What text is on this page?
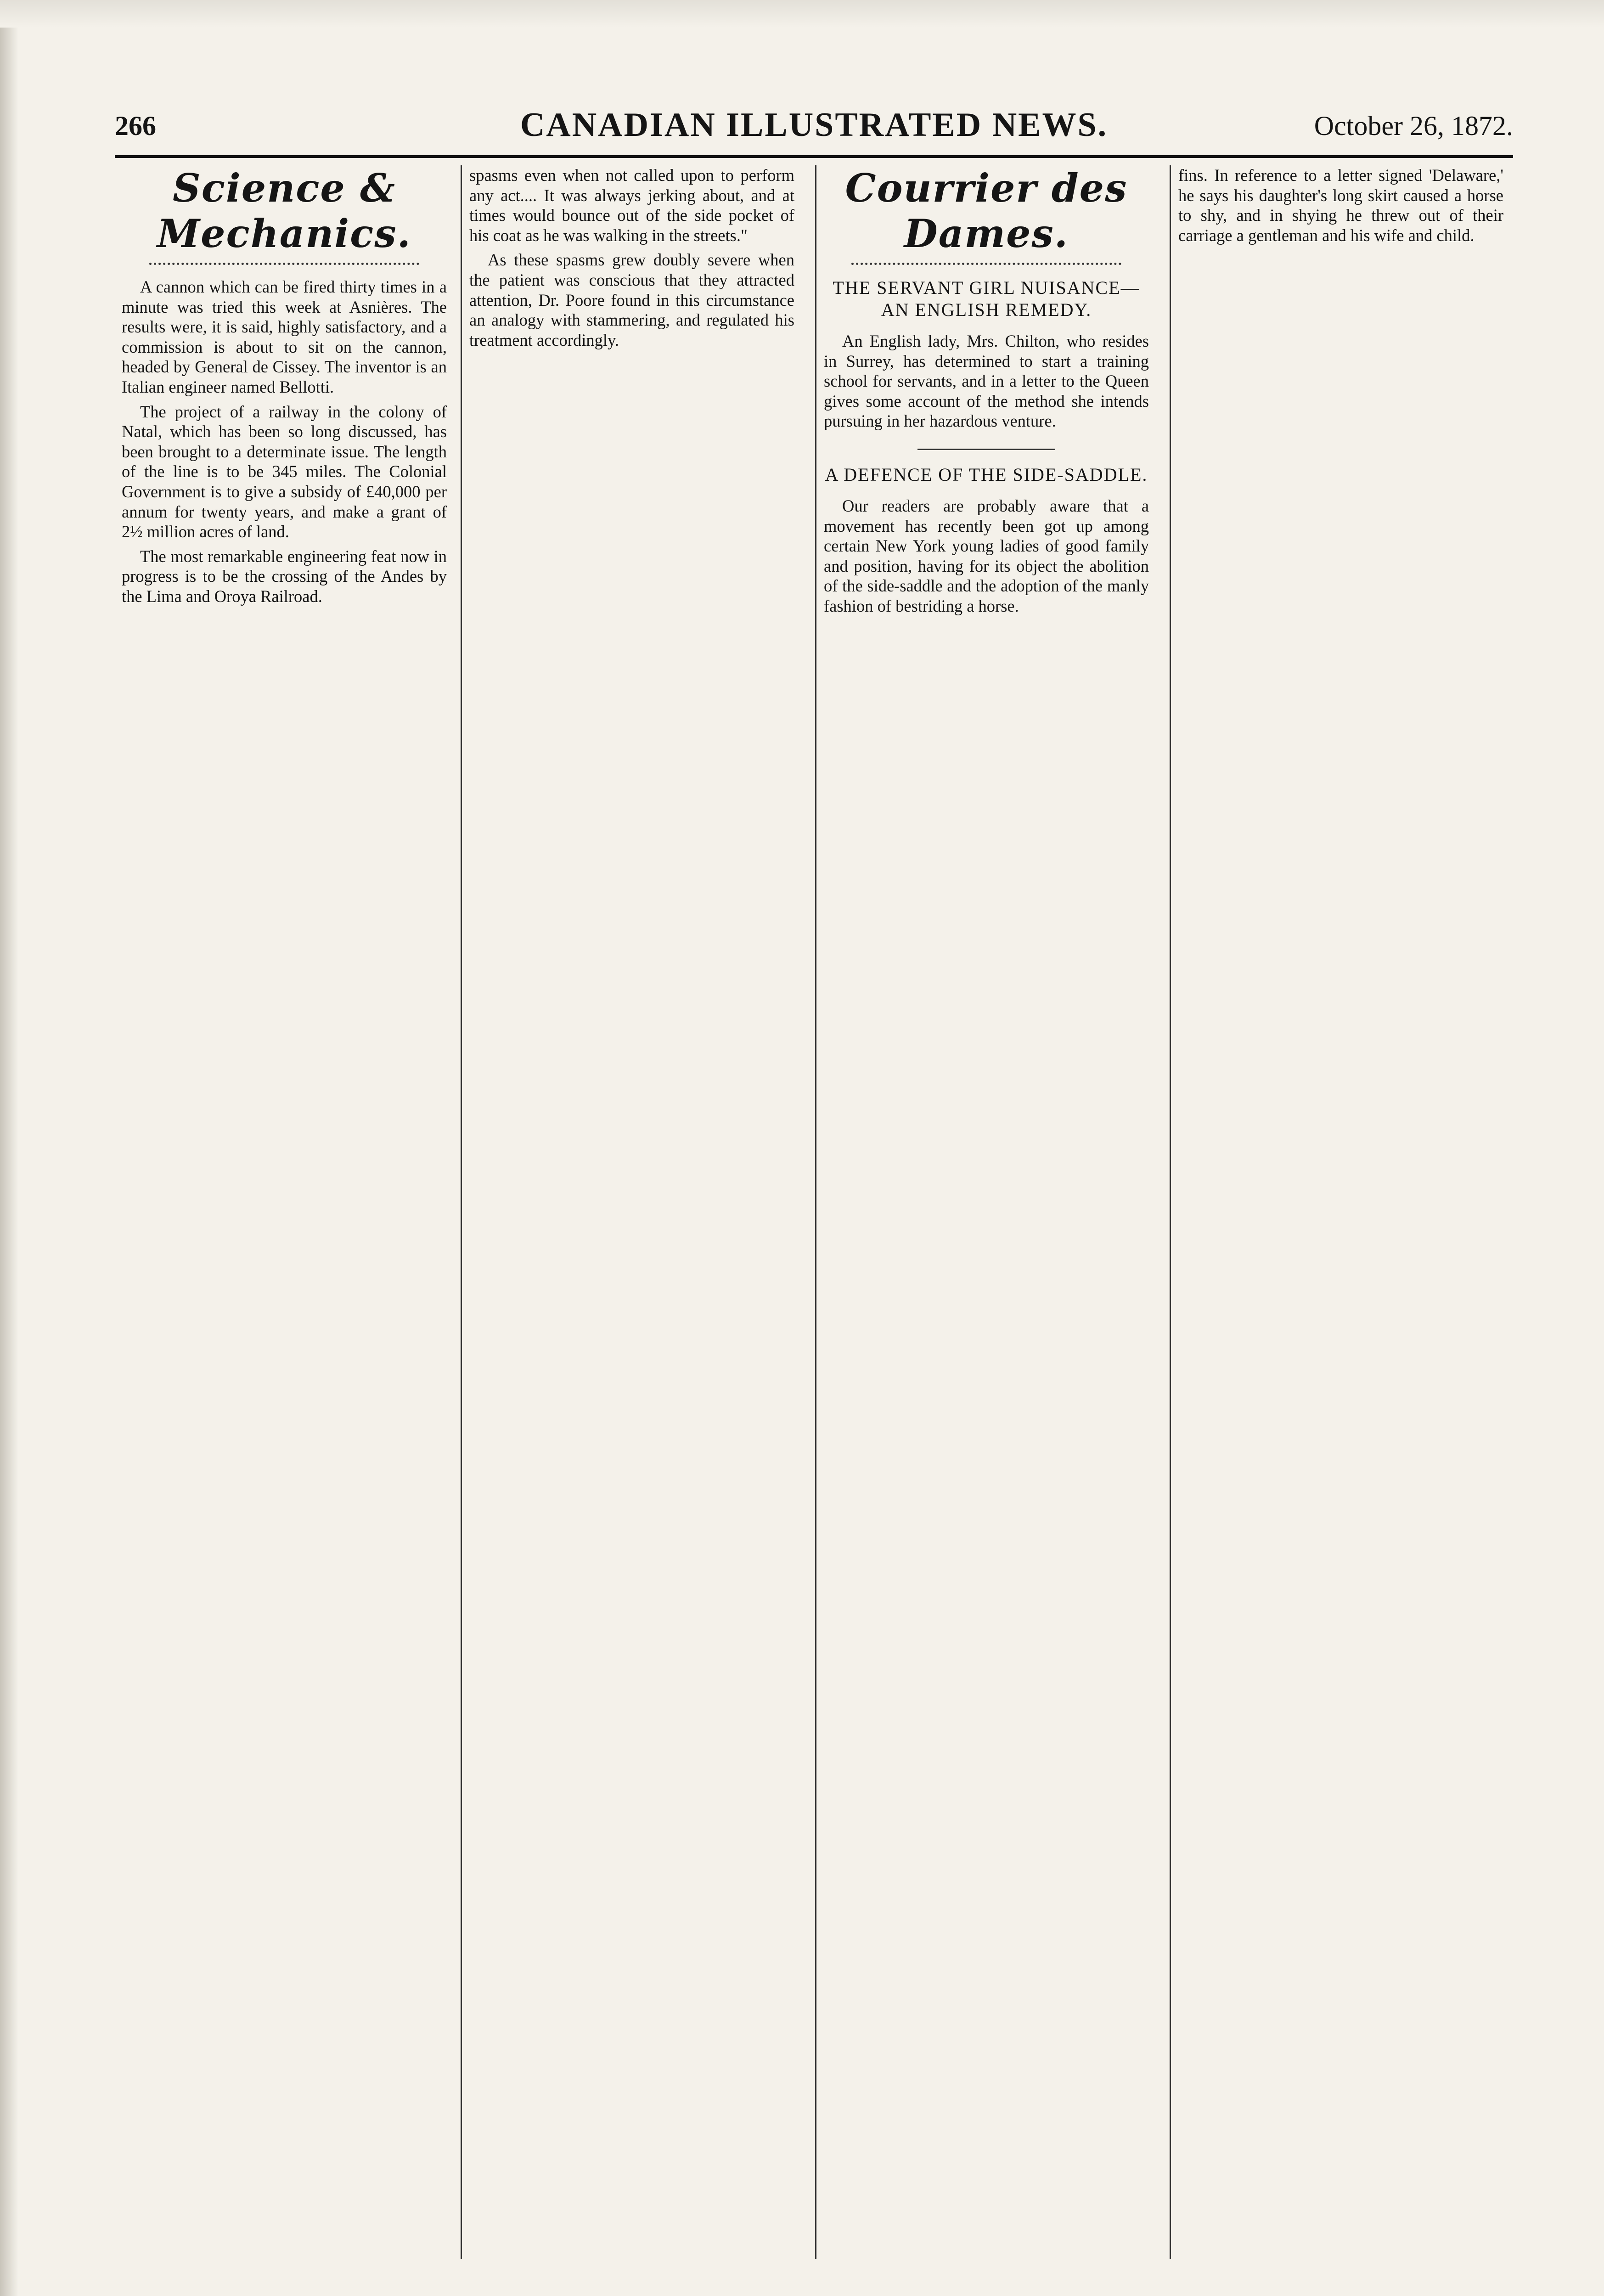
266	CANADIAN ILLUSTRATED NEWS.	October 26, 1872.
Science & Mechanics.

A cannon which can be fired thirty times in a minute was tried this week at Asnières. The results were, it is said, highly satisfactory, and a commission is about to sit on the cannon, headed by General de Cissey. The inventor is an Italian engineer named Bellotti.

The project of a railway in the colony of Natal, which has been so long discussed, has been brought to a determinate issue. The length of the line is to be 345 miles. The Colonial Government is to give a subsidy of £40,000 per annum for twenty years, and make a grant of 2½ million acres of land.

The most remarkable engineering feat now in progress is to be the crossing of the Andes by the Lima and Oroya Railroad.

spasms even when not called upon to perform any act.... It was always jerking about, and at times would bounce out of the side pocket of his coat as he was walking in the streets."

As these spasms grew doubly severe when the patient was conscious that they attracted attention, Dr. Poore found in this circumstance an analogy with stammering, and regulated his treatment accordingly.

Courrier des Dames.
THE SERVANT GIRL NUISANCE—AN ENGLISH REMEDY.

An English lady, Mrs. Chilton, who resides in Surrey, has determined to start a training school for servants, and in a letter to the Queen gives some account of the method she intends pursuing in her hazardous venture.

A DEFENCE OF THE SIDE-SADDLE.

Our readers are probably aware that a movement has recently been got up among certain New York young ladies of good family and position, having for its object the abolition of the side-saddle and the adoption of the manly fashion of bestriding a horse.

fins. In reference to a letter signed 'Delaware,' he says his daughter's long skirt caused a horse to shy, and in shying he threw out of their carriage a gentleman and his wife and child.
